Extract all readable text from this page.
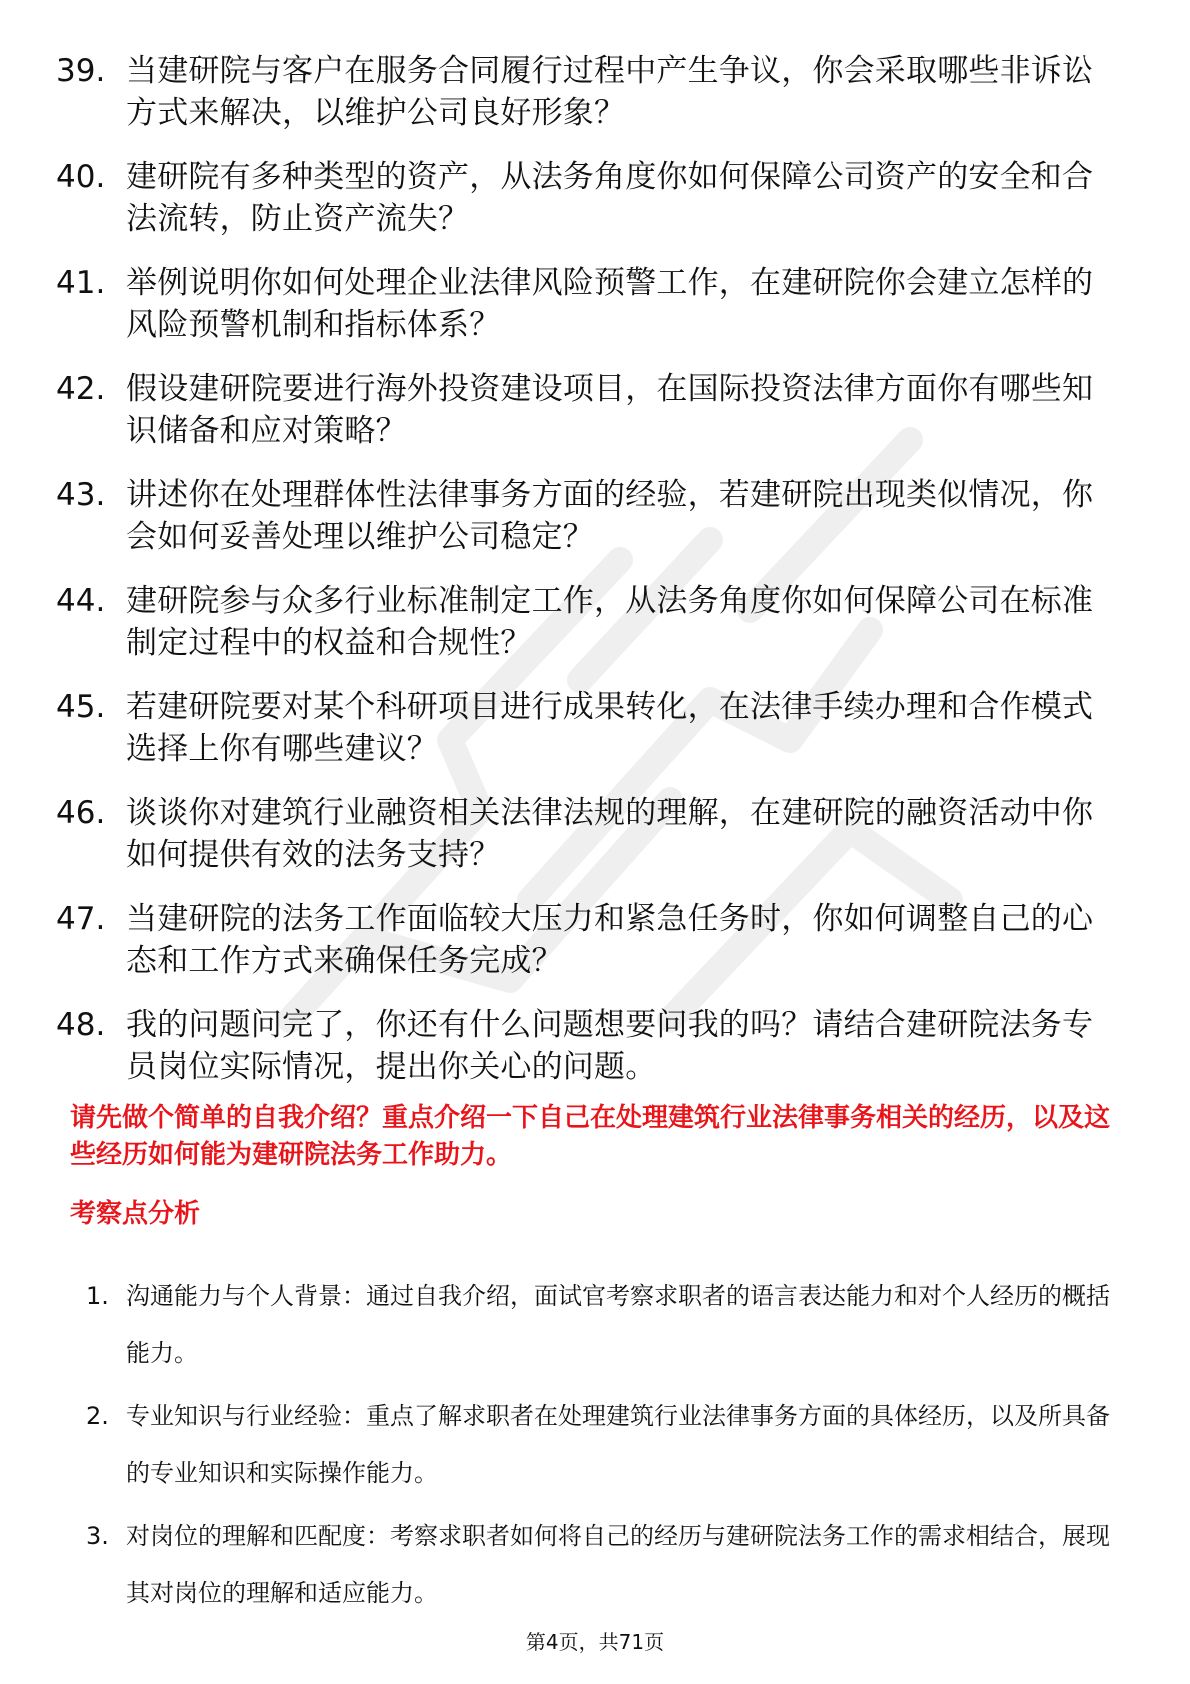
39. 当建研院与客户在服务合同履行过程中产生争议，你会采取哪些非诉讼方式来解决，以维护公司良好形象？
40. 建研院有多种类型的资产，从法务角度你如何保障公司资产的安全和合法流转，防止资产流失？
41. 举例说明你如何处理企业法律风险预警工作，在建研院你会建立怎样的风险预警机制和指标体系？
42. 假设建研院要进行海外投资建设项目，在国际投资法律方面你有哪些知识储备和应对策略？
43. 讲述你在处理群体性法律事务方面的经验，若建研院出现类似情况，你会如何妥善处理以维护公司稳定？
44. 建研院参与众多行业标准制定工作，从法务角度你如何保障公司在标准制定过程中的权益和合规性？
45. 若建研院要对某个科研项目进行成果转化，在法律手续办理和合作模式选择上你有哪些建议？
46. 谈谈你对建筑行业融资相关法律法规的理解，在建研院的融资活动中你如何提供有效的法务支持？
47. 当建研院的法务工作面临较大压力和紧急任务时，你如何调整自己的心态和工作方式来确保任务完成？
48. 我的问题问完了，你还有什么问题想要问我的吗？请结合建研院法务专员岗位实际情况，提出你关心的问题。

请先做个简单的自我介绍？重点介绍一下自己在处理建筑行业法律事务相关的经历，以及这些经历如何能为建研院法务工作助力。

考察点分析
1. 沟通能力与个人背景：通过自我介绍，面试官考察求职者的语言表达能力和对个人经历的概括能力。
2. 专业知识与行业经验：重点了解求职者在处理建筑行业法律事务方面的具体经历，以及所具备的专业知识和实际操作能力。
3. 对岗位的理解和匹配度：考察求职者如何将自己的经历与建研院法务工作的需求相结合，展现其对岗位的理解和适应能力。
第4页，共71页
